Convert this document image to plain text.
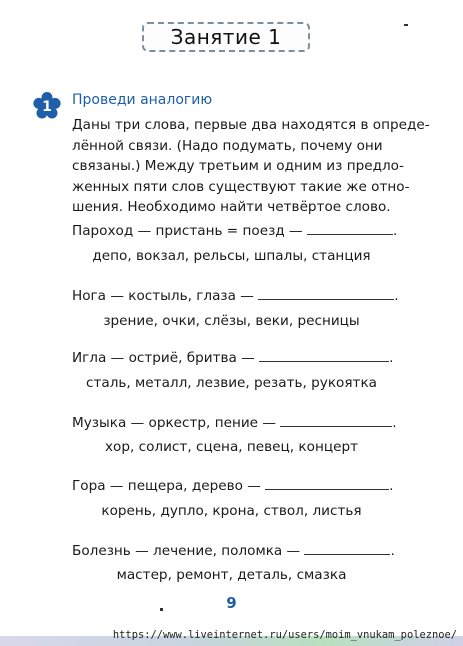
Занятие 1
1 Проведи аналогию
Даны три слова, первые два находятся в опреде-
лённой связи. (Надо подумать, почему они
связаны.) Между третьим и одним из предло-
женных пяти слов существуют такие же отно-
шения. Необходимо найти четвёртое слово.
Пароход — пристань = поезд —	.
депо, вокзал, рельсы, шпалы, станция
Нога — костыль, глаза —	.
зрение, очки, слёзы, веки, ресницы
Игла — остриё, бритва —	.
сталь, металл, лезвие, резать, рукоятка
Музыка — оркестр, пение —	.
хор, солист, сцена, певец, концерт
Гора — пещера, дерево —	.
корень, дупло, крона, ствол, листья
Болезнь — лечение, поломка —	.
мастер, ремонт, деталь, смазка
9
https://www.liveinternet.ru/users/moim_vnukam_poleznoe/
